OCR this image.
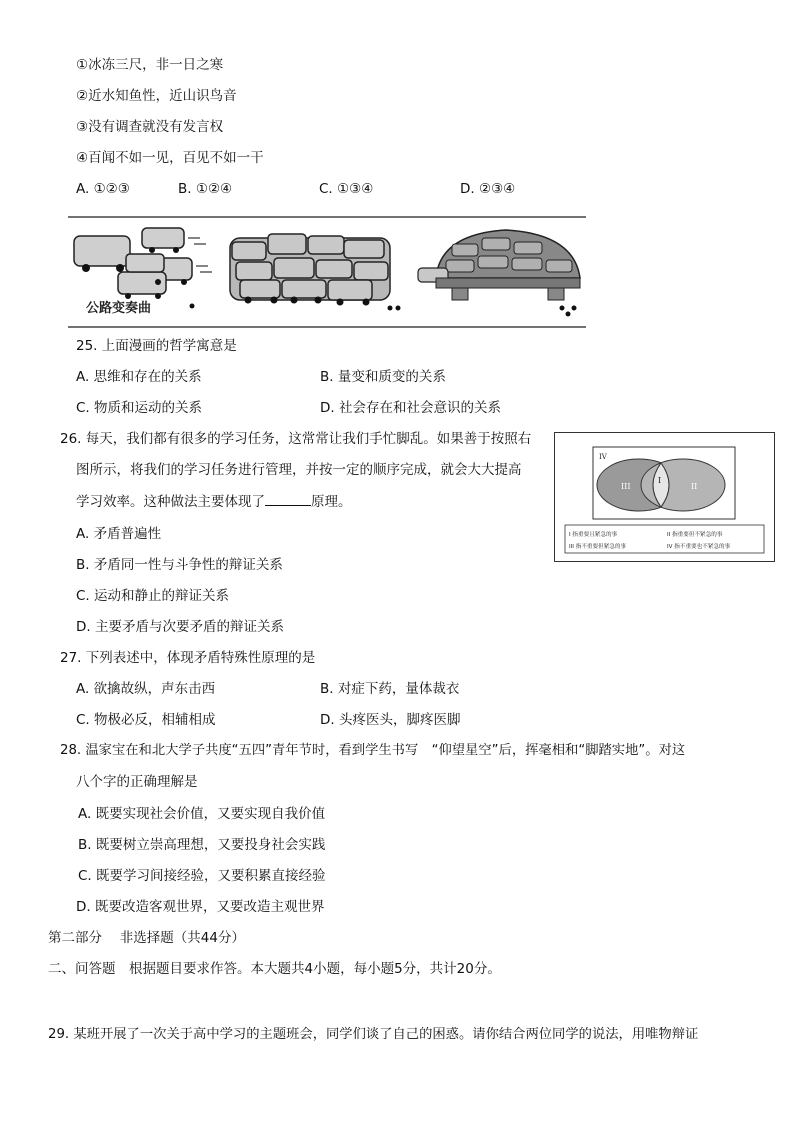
①冰冻三尺，非一日之寒
②近水知鱼性，近山识鸟音
③没有调查就没有发言权
④百闻不如一见，百见不如一干
A. ①②③	B. ①②④	C. ①③④	D. ②③④
公路变奏曲
25. 上面漫画的哲学寓意是
A. 思维和存在的关系	B. 量变和质变的关系
C. 物质和运动的关系	D. 社会存在和社会意识的关系
26. 每天，我们都有很多的学习任务，这常常让我们手忙脚乱。如果善于按照右
图所示，将我们的学习任务进行管理，并按一定的顺序完成，就会大大提高
学习效率。这种做法主要体现了	原理。
A. 矛盾普遍性
B. 矛盾同一性与斗争性的辩证关系
C. 运动和静止的辩证关系
D. 主要矛盾与次要矛盾的辩证关系
IV
II
I
III
I 指重要且紧急的事	II 指重要但不紧急的事
III 指不重要但紧急的事	IV 指不重要也不紧急的事
27. 下列表述中，体现矛盾特殊性原理的是
A. 欲擒故纵，声东击西	B. 对症下药，量体裁衣
C. 物极必反，相辅相成	D. 头疼医头，脚疼医脚
28. 温家宝在和北大学子共度“五四”青年节时，看到学生书写　“仰望星空”后，挥毫相和“脚踏实地”。对这
八个字的正确理解是
A. 既要实现社会价值，又要实现自我价值
B. 既要树立崇高理想，又要投身社会实践
C. 既要学习间接经验，又要积累直接经验
D. 既要改造客观世界，又要改造主观世界
第二部分　 非选择题（共44分）
二、问答题　根据题目要求作答。本大题共4小题，每小题5分，共计20分。
29. 某班开展了一次关于高中学习的主题班会，同学们谈了自己的困惑。请你结合两位同学的说法，用唯物辩证
